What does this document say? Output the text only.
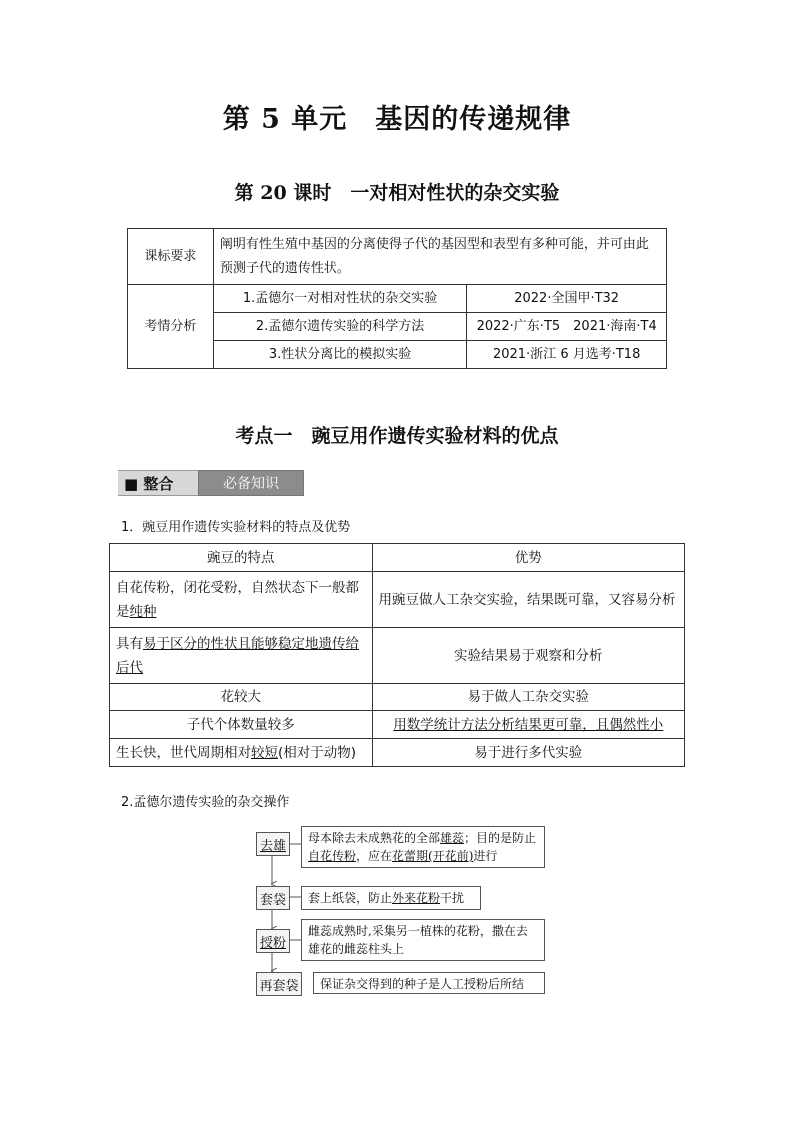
第 5 单元　基因的传递规律
第 20 课时　一对相对性状的杂交实验
课标要求	阐明有性生殖中基因的分离使得子代的基因型和表型有多种可能，并可由此预测子代的遗传性状。	
考情分析	1.孟德尔一对相对性状的杂交实验	2022·全国甲·T32
	2.孟德尔遗传实验的科学方法	2022·广东·T5　2021·海南·T4
	3.性状分离比的模拟实验	2021·浙江 6 月选考·T18
考点一　豌豆用作遗传实验材料的优点
■ 整合	必备知识
1．豌豆用作遗传实验材料的特点及优势
豌豆的特点	优势
自花传粉，闭花受粉，自然状态下一般都是纯种	用豌豆做人工杂交实验，结果既可靠，又容易分析
具有易于区分的性状且能够稳定地遗传给后代	实验结果易于观察和分析
花较大	易于做人工杂交实验
子代个体数量较多	用数学统计方法分析结果更可靠，且偶然性小
生长快，世代周期相对较短(相对于动物)	易于进行多代实验
2.孟德尔遗传实验的杂交操作
去雄
母本除去未成熟花的全部雄蕊；目的是防止自花传粉，应在花蕾期(开花前)进行
套袋	套上纸袋，防止外来花粉干扰
授粉
雌蕊成熟时,采集另一植株的花粉，撒在去雄花的雌蕊柱头上
再套袋	保证杂交得到的种子是人工授粉后所结
